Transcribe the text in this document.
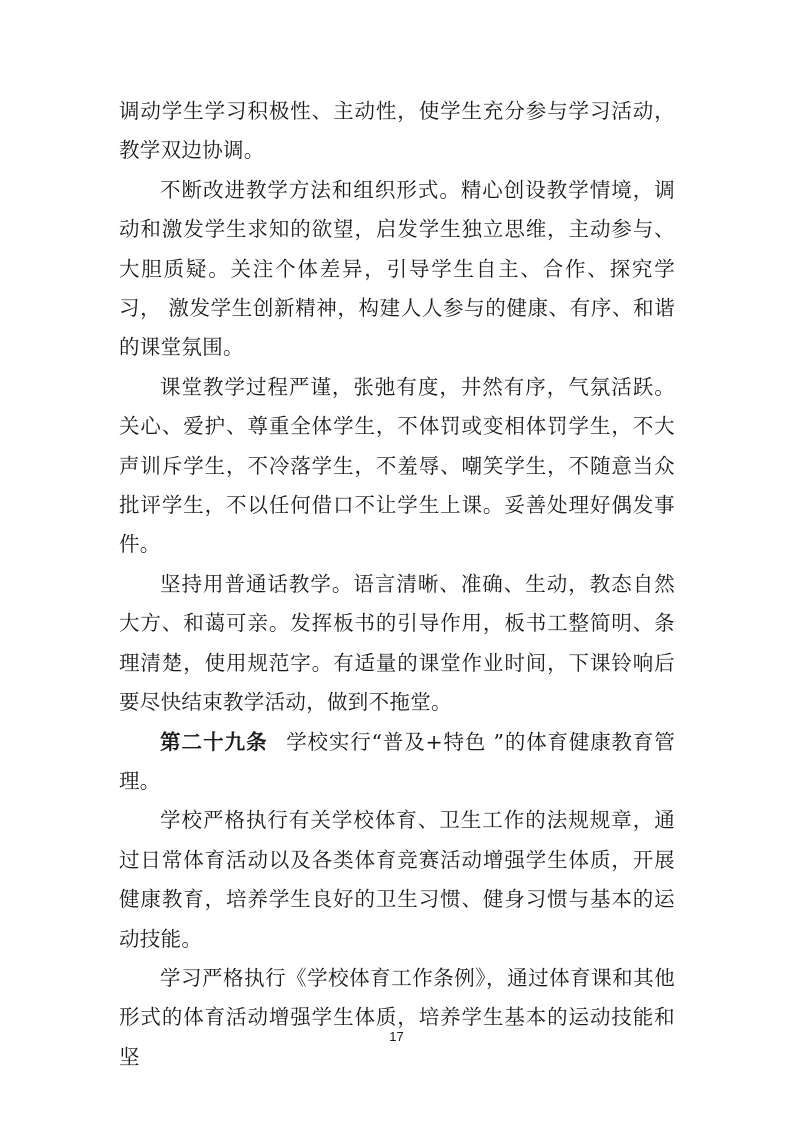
调动学生学习积极性、主动性，使学生充分参与学习活动，教学双边协调。

不断改进教学方法和组织形式。精心创设教学情境，调动和激发学生求知的欲望，启发学生独立思维，主动参与、大胆质疑。关注个体差异，引导学生自主、合作、探究学习， 激发学生创新精神，构建人人参与的健康、有序、和谐的课堂氛围。

课堂教学过程严谨，张弛有度，井然有序，气氛活跃。关心、爱护、尊重全体学生，不体罚或变相体罚学生，不大声训斥学生，不冷落学生，不羞辱、嘲笑学生，不随意当众批评学生，不以任何借口不让学生上课。妥善处理好偶发事件。

坚持用普通话教学。语言清晰、准确、生动，教态自然大方、和蔼可亲。发挥板书的引导作用，板书工整简明、条理清楚，使用规范字。有适量的课堂作业时间，下课铃响后要尽快结束教学活动，做到不拖堂。

第二十九条 学校实行“普及+特色 ”的体育健康教育管理。

学校严格执行有关学校体育、卫生工作的法规规章，通过日常体育活动以及各类体育竞赛活动增强学生体质，开展健康教育，培养学生良好的卫生习惯、健身习惯与基本的运动技能。

学习严格执行《学校体育工作条例》，通过体育课和其他形式的体育活动增强学生体质，培养学生基本的运动技能和坚

17
